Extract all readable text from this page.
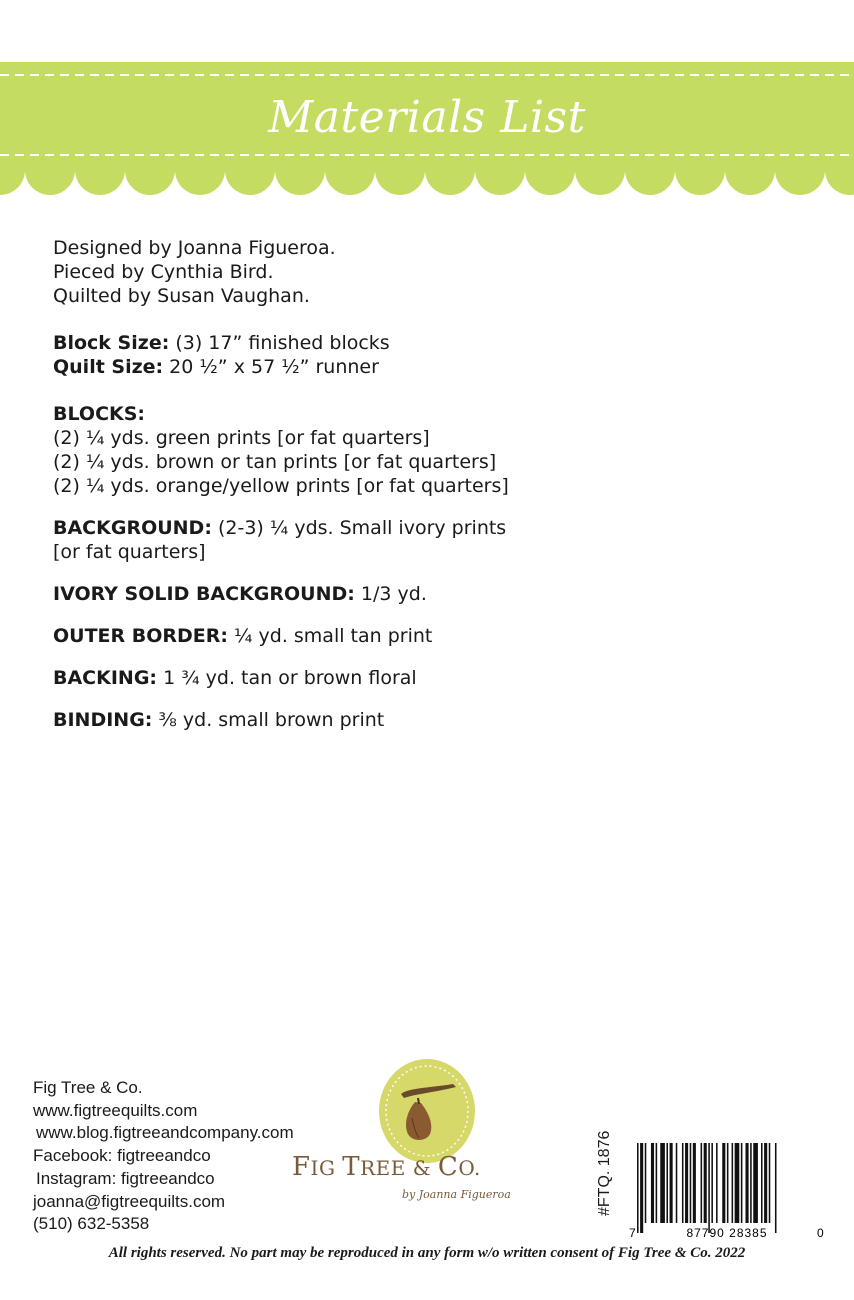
Materials List

Designed by Joanna Figueroa.

Pieced by Cynthia Bird.

Quilted by Susan Vaughan.

Block Size: (3) 17” finished blocks

Quilt Size: 20 ½” x 57 ½” runner

BLOCKS:

(2) ¼ yds. green prints [or fat quarters]

(2) ¼ yds. brown or tan prints [or fat quarters]

(2) ¼ yds. orange/yellow prints [or fat quarters]

BACKGROUND: (2-3) ¼ yds. Small ivory prints

[or fat quarters]

IVORY SOLID BACKGROUND: 1/3 yd.

OUTER BORDER: ¼ yd. small tan print

BACKING: 1 ¾ yd. tan or brown floral

BINDING: ⅜ yd. small brown print

Fig Tree & Co.
www.figtreequilts.com
www.blog.figtreeandcompany.com
Facebook: figtreeandco
Instagram: figtreeandco
joanna@figtreequilts.com
(510) 632-5358
FIG TREE & CO.
by Joanna Figueroa	#FTQ. 1876
7	87790 28385	0
All rights reserved. No part may be reproduced in any form w/o written consent of Fig Tree & Co. 2022
